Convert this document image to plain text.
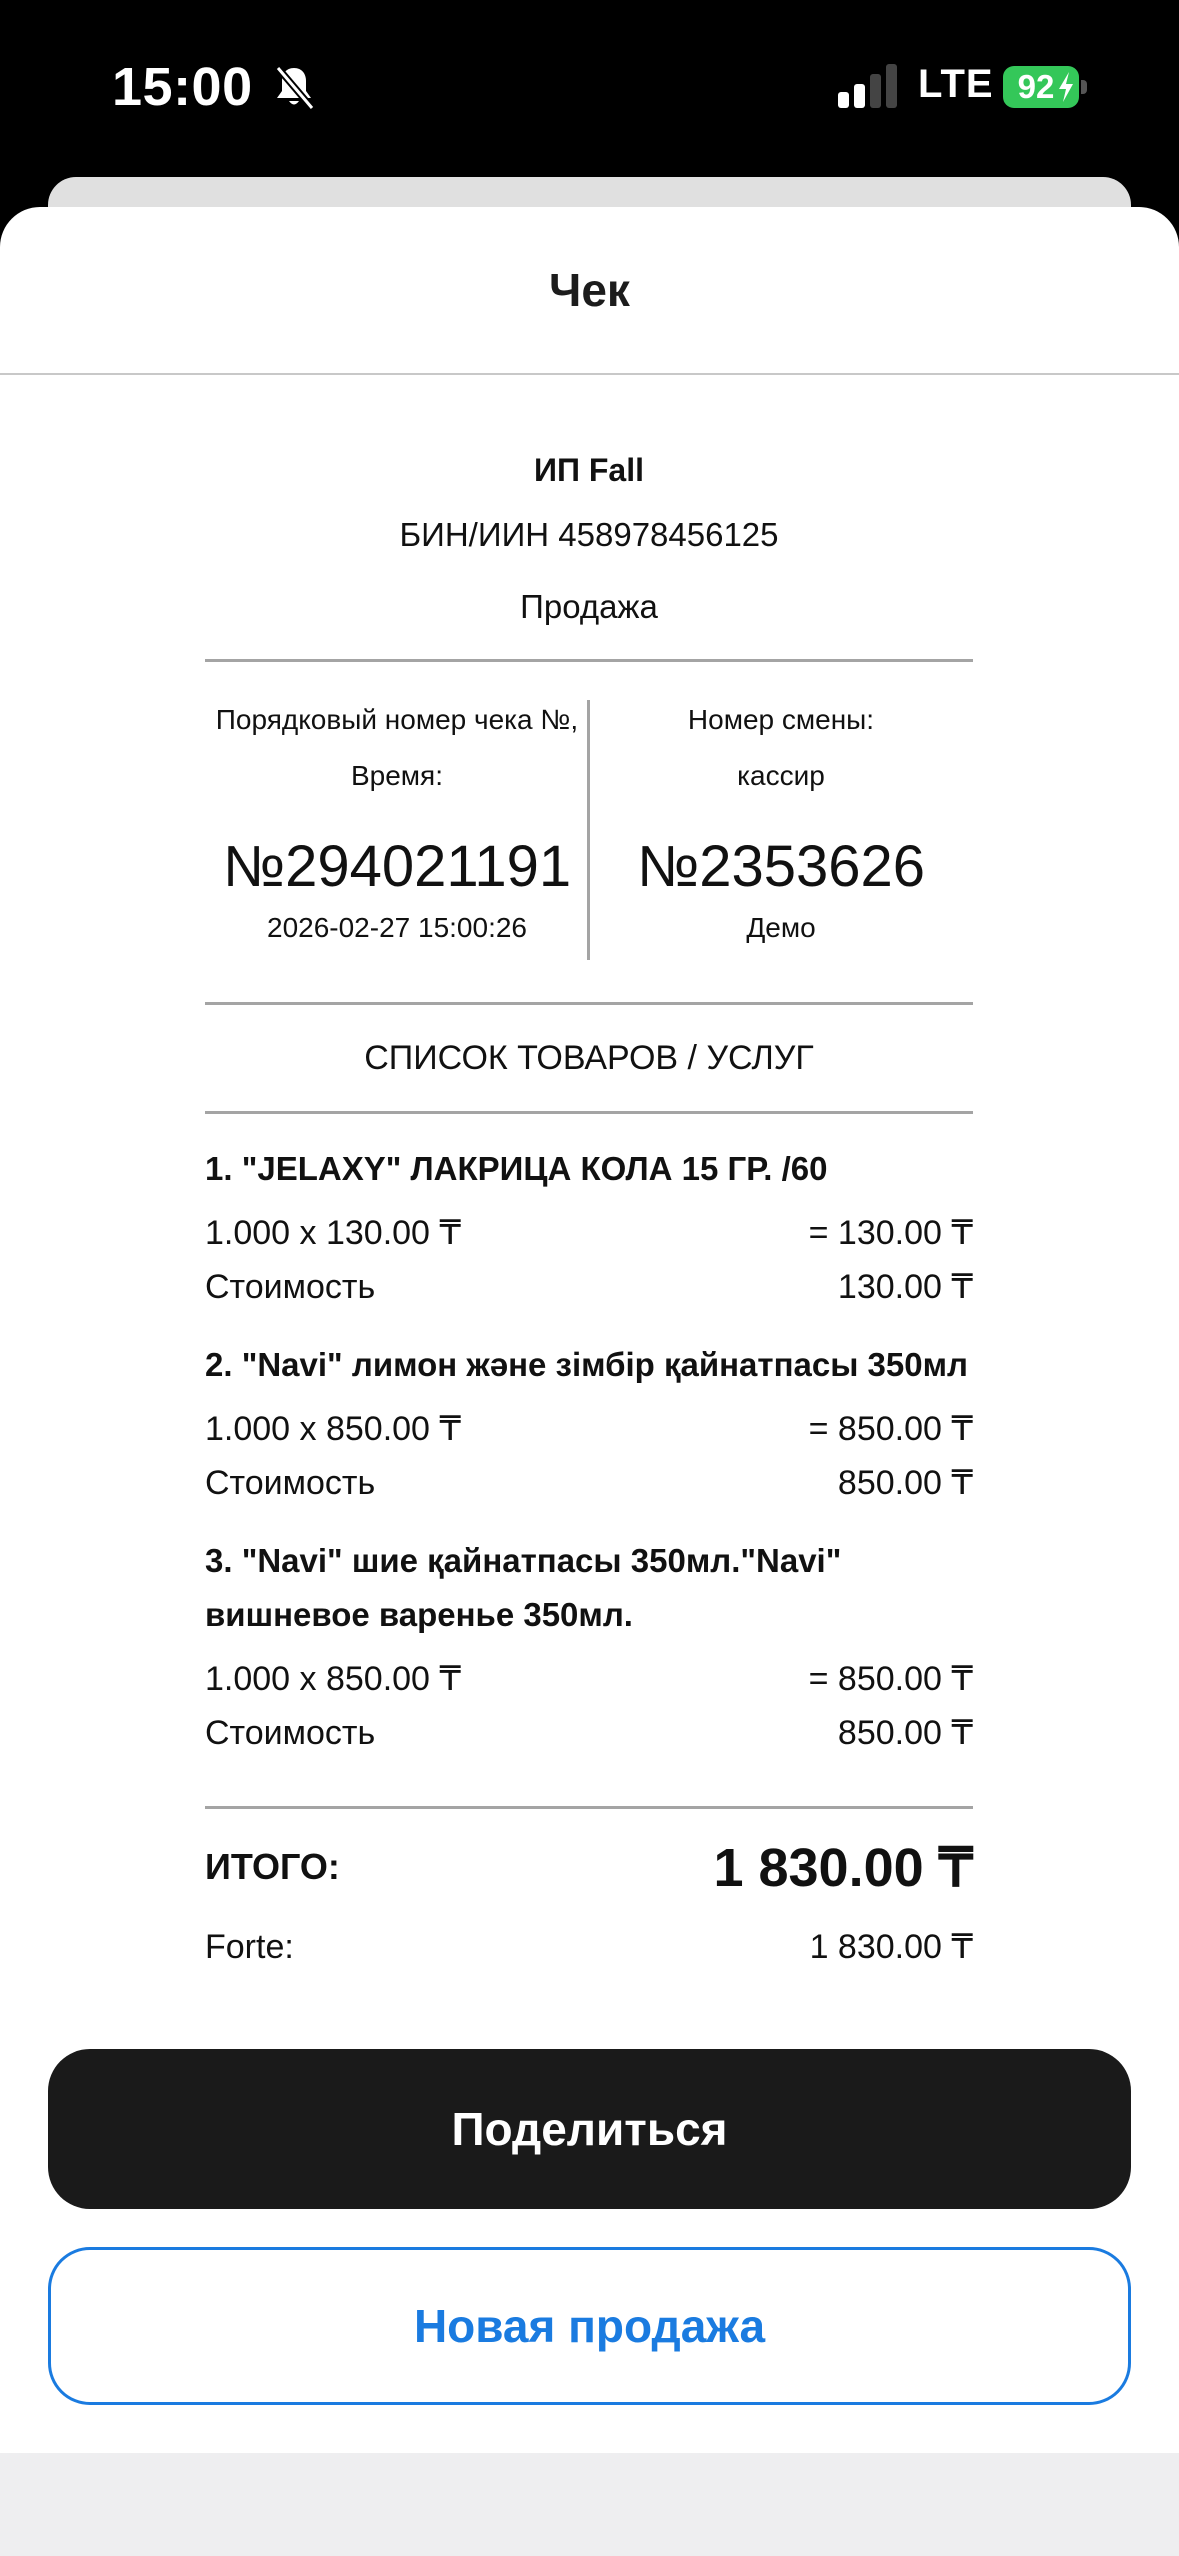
15:00	LTE 92
Чек
ИП Fall
БИН/ИИН 458978456125
Продажа
Порядковый номер чека №,
Время:
№294021191
2026-02-27 15:00:26
Номер смены:
кассир
№2353626
Демо
СПИСОК ТОВАРОВ / УСЛУГ
1. "JELAXY" ЛАКРИЦА КОЛА 15 ГР. /60
1.000 x 130.00 ₸	= 130.00 ₸
Стоимость	130.00 ₸
2. "Navi" лимон және зімбір қайнатпасы 350мл
1.000 x 850.00 ₸	= 850.00 ₸
Стоимость	850.00 ₸
3. "Navi" шие қайнатпасы 350мл."Navi" вишневое варенье 350мл.
1.000 x 850.00 ₸	= 850.00 ₸
Стоимость	850.00 ₸
ИТОГО:	1 830.00 ₸
Forte:	1 830.00 ₸
Поделиться
Новая продажа
